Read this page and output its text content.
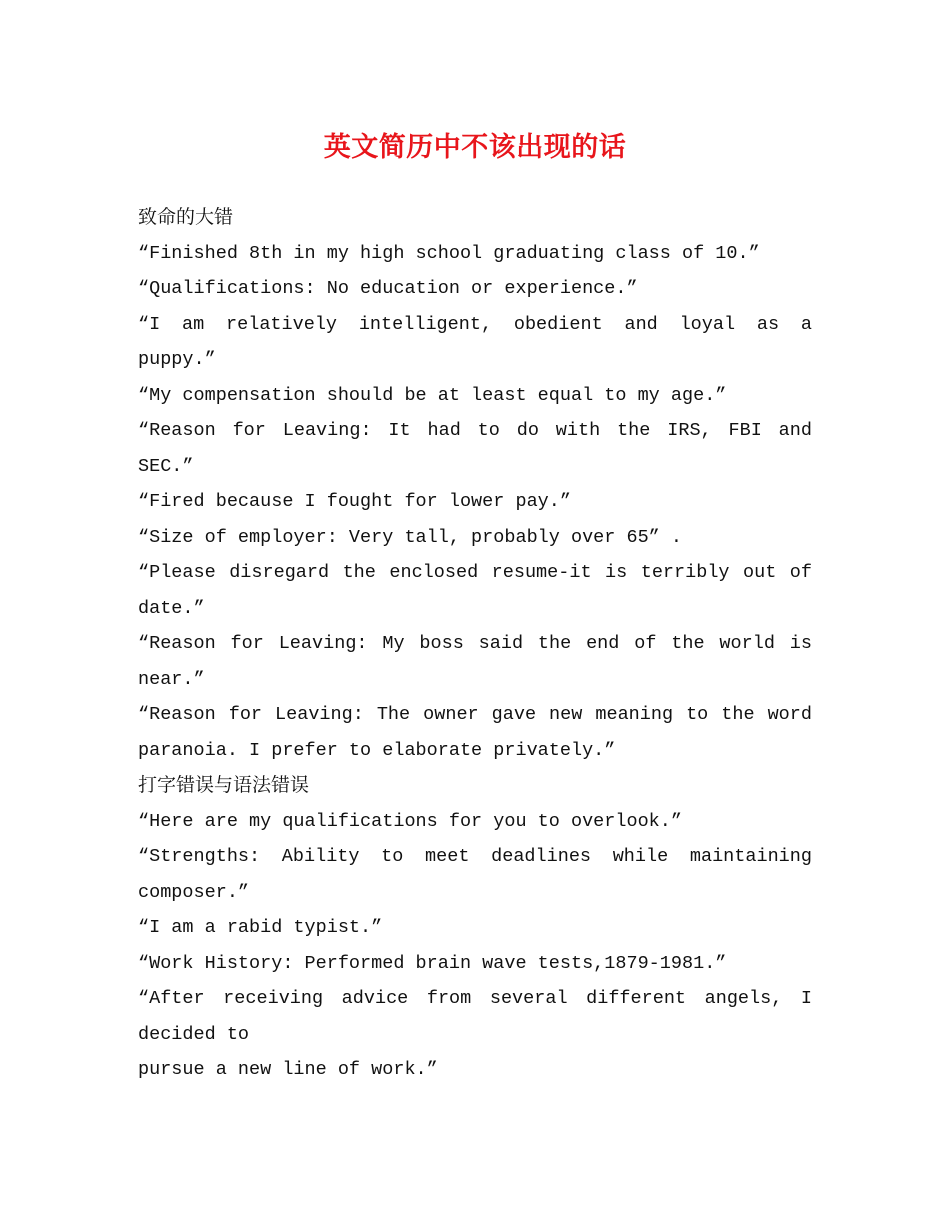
英文简历中不该出现的话
致命的大错
“Finished 8th in my high school graduating class of 10.”
“Qualifications: No education or experience.”
“I am relatively intelligent, obedient and loyal as a
puppy.”
“My compensation should be at least equal to my age.”
“Reason for Leaving: It had to do with the IRS, FBI and
SEC.”
“Fired because I fought for lower pay.”
“Size of employer: Very tall, probably over 65” .
“Please disregard the enclosed resume-it is terribly out of
date.”
“Reason for Leaving: My boss said the end of the world is
near.”
“Reason for Leaving: The owner gave new meaning to the word
paranoia. I prefer to elaborate privately.”
打字错误与语法错误
“Here are my qualifications for you to overlook.”
“Strengths: Ability to meet deadlines while maintaining
composer.”
“I am a rabid typist.”
“Work History: Performed brain wave tests,1879-1981.”
“After receiving advice from several different angels, I
decided to
pursue a new line of work.”
